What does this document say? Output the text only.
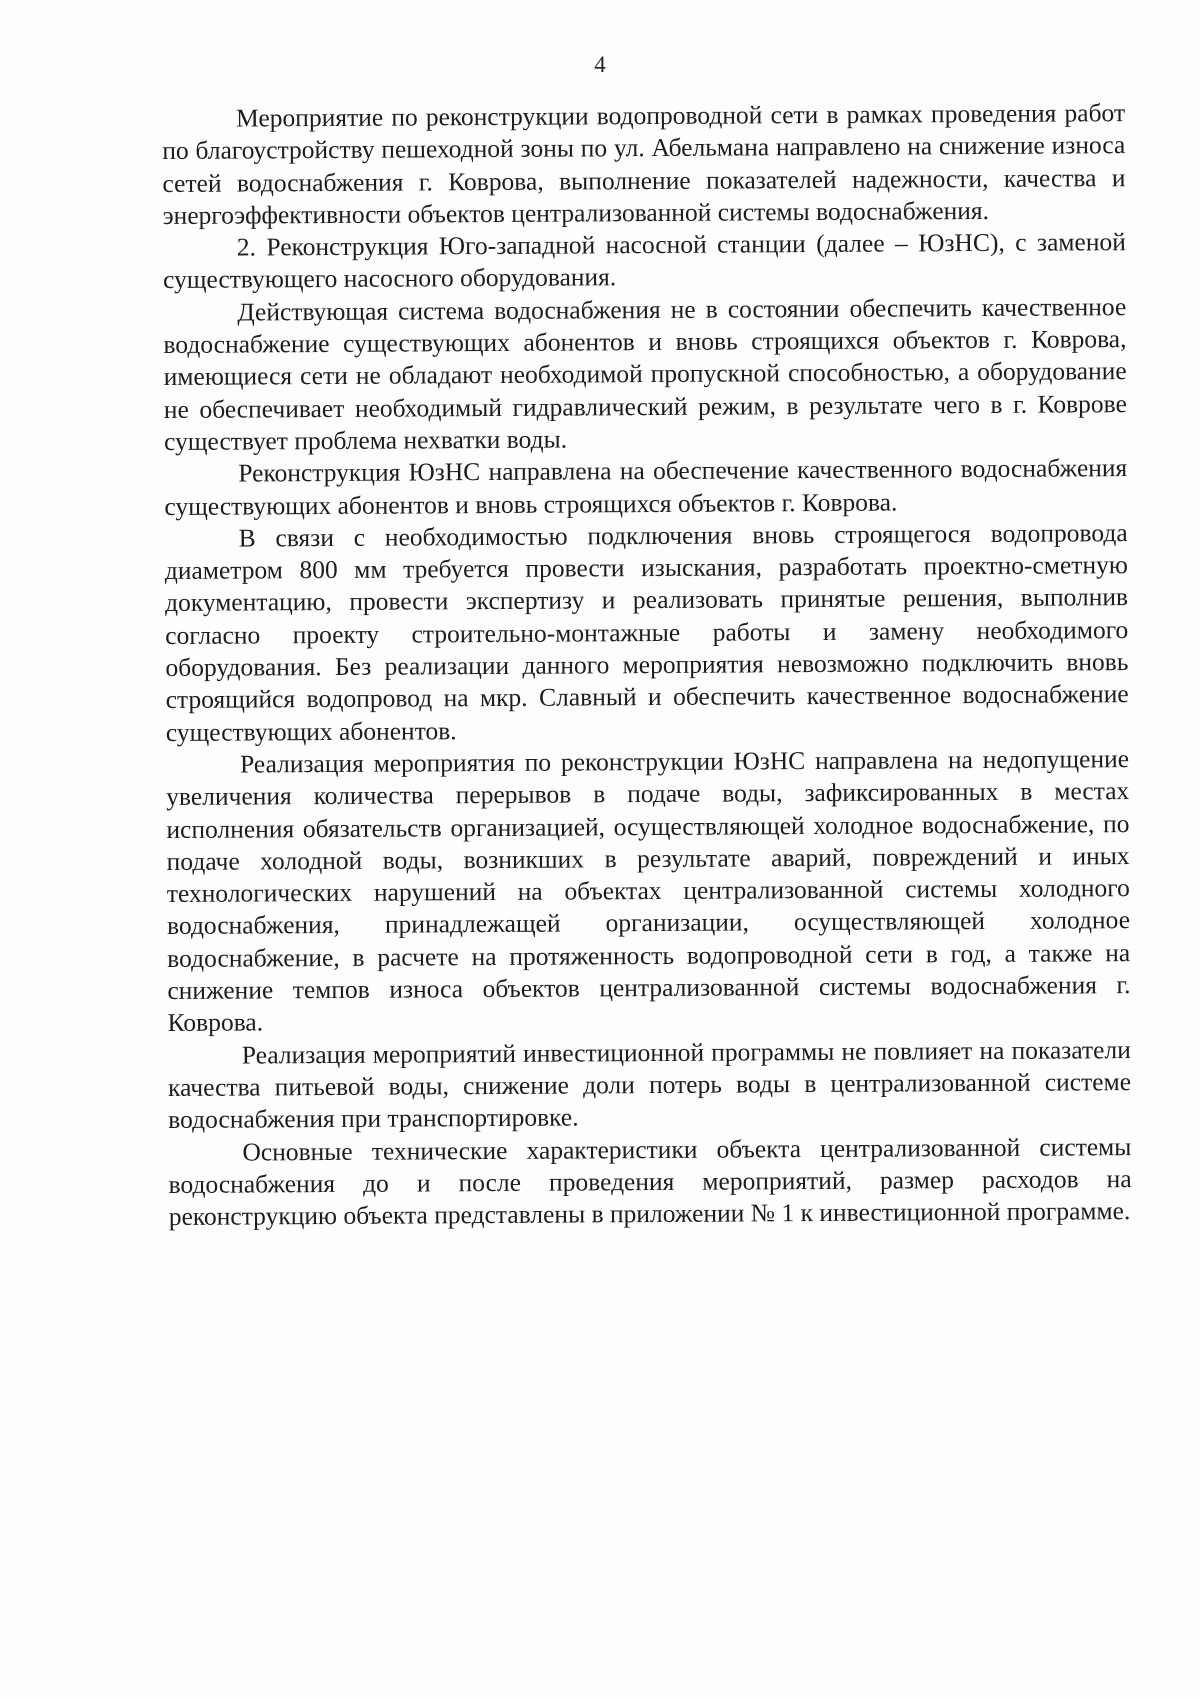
4

Мероприятие по реконструкции водопроводной сети в рамках проведения работ по благоустройству пешеходной зоны по ул. Абельмана направлено на снижение износа сетей водоснабжения г. Коврова, выполнение показателей надежности, качества и энергоэффективности объектов централизованной системы водоснабжения.

2. Реконструкция Юго-западной насосной станции (далее – ЮзНС), с заменой существующего насосного оборудования.

Действующая система водоснабжения не в состоянии обеспечить качественное водоснабжение существующих абонентов и вновь строящихся объектов г. Коврова, имеющиеся сети не обладают необходимой пропускной способностью, а оборудование не обеспечивает необходимый гидравлический режим, в результате чего в г. Коврове существует проблема нехватки воды.

Реконструкция ЮзНС направлена на обеспечение качественного водоснабжения существующих абонентов и вновь строящихся объектов г. Коврова.

В связи с необходимостью подключения вновь строящегося водопровода диаметром 800 мм требуется провести изыскания, разработать проектно-сметную документацию, провести экспертизу и реализовать принятые решения, выполнив согласно проекту строительно-монтажные работы и замену необходимого оборудования. Без реализации данного мероприятия невозможно подключить вновь строящийся водопровод на мкр. Славный и обеспечить качественное водоснабжение существующих абонентов.

Реализация мероприятия по реконструкции ЮзНС направлена на недопущение увеличения количества перерывов в подаче воды, зафиксированных в местах исполнения обязательств организацией, осуществляющей холодное водоснабжение, по подаче холодной воды, возникших в результате аварий, повреждений и иных технологических нарушений на объектах централизованной системы холодного водоснабжения, принадлежащей организации, осуществляющей холодное водоснабжение, в расчете на протяженность водопроводной сети в год, а также на снижение темпов износа объектов централизованной системы водоснабжения г. Коврова.

Реализация мероприятий инвестиционной программы не повлияет на показатели качества питьевой воды, снижение доли потерь воды в централизованной системе водоснабжения при транспортировке.

Основные технические характеристики объекта централизованной системы водоснабжения до и после проведения мероприятий, размер расходов на реконструкцию объекта представлены в приложении № 1 к инвестиционной программе.
